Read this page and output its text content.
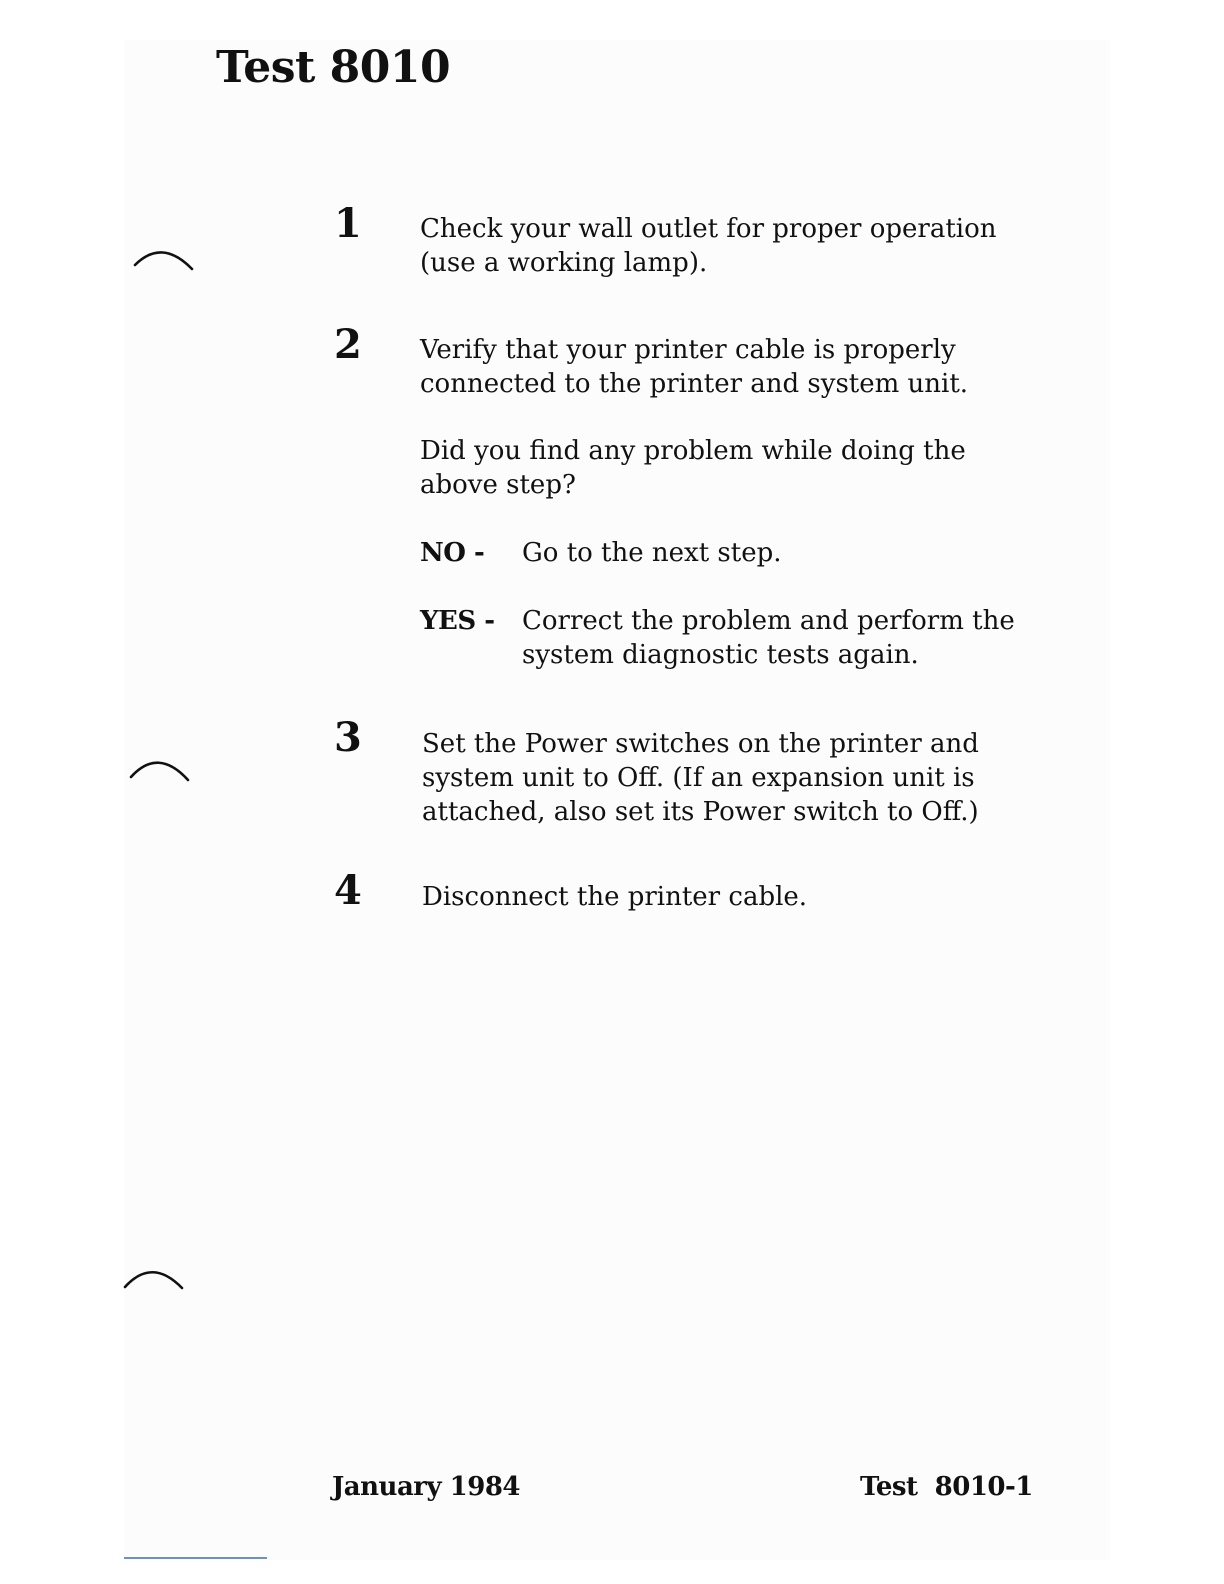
Test 8010
1 Check your wall outlet for proper operation (use a working lamp).

2 Verify that your printer cable is properly connected to the printer and system unit.

Did you find any problem while doing the above step?

NO - Go to the next step.

YES - Correct the problem and perform the system diagnostic tests again.

3 Set the Power switches on the printer and system unit to Off. (If an expansion unit is attached, also set its Power switch to Off.)

4 Disconnect the printer cable.

January 1984	Test  8010-1
